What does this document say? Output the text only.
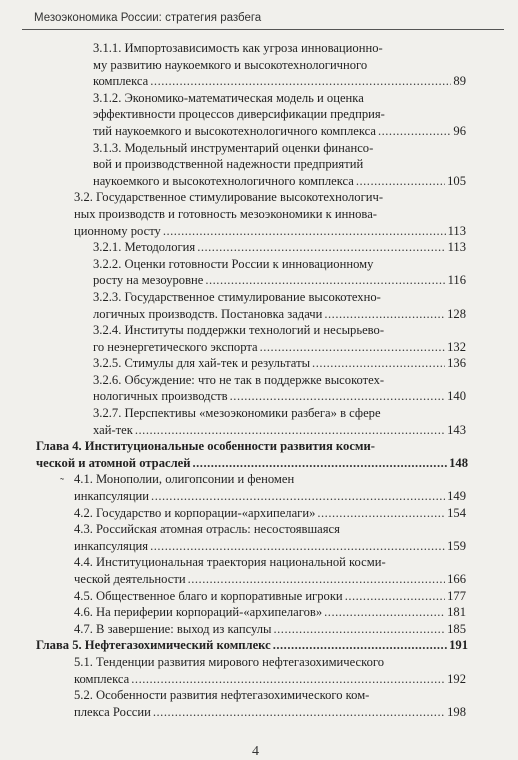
Мезоэкономика России: стратегия разбега
3.1.1. Импортозависимость как угроза инновационно-
му развитию наукоемкого и высокотехнологичного
комплекса .....	89
3.1.2. Экономико-математическая модель и оценка
эффективности процессов диверсификации предприя-
тий наукоемкого и высокотехнологичного комплекса .....	96
3.1.3. Модельный инструментарий оценки финансо-
вой и производственной надежности предприятий
наукоемкого и высокотехнологичного комплекса .....	105
3.2. Государственное стимулирование высокотехнологич-
ных производств и готовность мезоэкономики к иннова-
ционному росту .....	113
3.2.1. Методология .....	113
3.2.2. Оценки готовности России к инновационному
росту на мезоуровне .....	116
3.2.3. Государственное стимулирование высокотехно-
логичных производств. Постановка задачи .....	128
3.2.4. Институты поддержки технологий и несырьево-
го неэнергетического экспорта .....	132
3.2.5. Стимулы для хай-тек и результаты .....	136
3.2.6. Обсуждение: что не так в поддержке высокотех-
нологичных производств .....	140
3.2.7. Перспективы «мезоэкономики разбега» в сфере
хай-тек .....	143
Глава 4. Институциональные особенности развития косми-
ческой и атомной отраслей .....	148
4.1. Монополии, олигопсонии и феномен
инкапсуляции .....	149
4.2. Государство и корпорации-«архипелаги» .....	154
4.3. Российская атомная отрасль: несостоявшаяся
инкапсуляция .....	159
4.4. Институциональная траектория национальной косми-
ческой деятельности .....	166
4.5. Общественное благо и корпоративные игроки .....	177
4.6. На периферии корпораций-«архипелагов» .....	181
4.7. В завершение: выход из капсулы .....	185
Глава 5. Нефтегазохимический комплекс .....	191
5.1. Тенденции развития мирового нефтегазохимического
комплекса .....	192
5.2. Особенности развития нефтегазохимического ком-
плекса России .....	198
˜
4
